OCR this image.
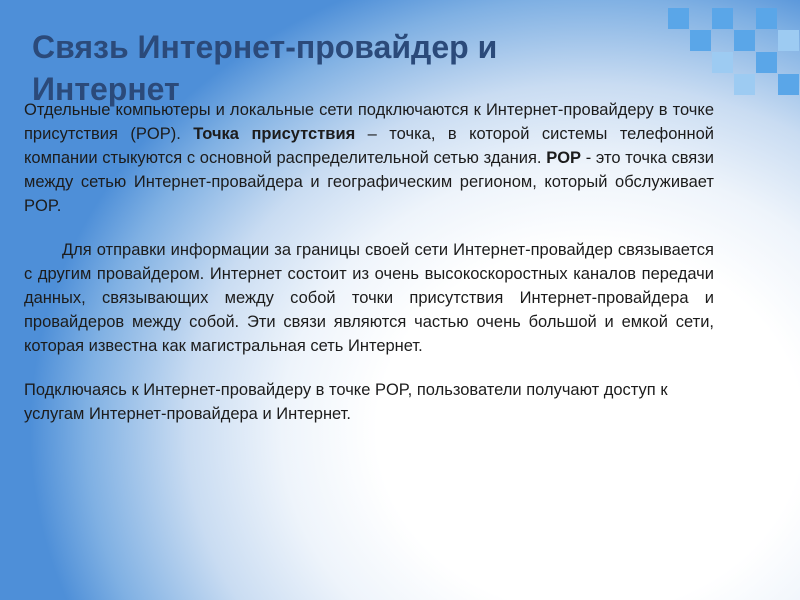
Связь Интернет-провайдер и Интернет

Отдельные компьютеры и локальные сети подключаются к Интернет-провайдеру в точке присутствия (POP). Точка присутствия – точка, в которой системы телефонной компании стыкуются с основной распределительной сетью здания. POP - это точка связи между сетью Интернет-провайдера и географическим регионом, который обслуживает POP.

Для отправки информации за границы своей сети Интернет-провайдер связывается с другим провайдером. Интернет состоит из очень высокоскоростных каналов передачи данных, связывающих между собой точки присутствия Интернет-провайдера и провайдеров между собой. Эти связи являются частью очень большой и емкой сети, которая известна как магистральная сеть Интернет.

Подключаясь к Интернет-провайдеру в точке POP, пользователи получают доступ к услугам Интернет-провайдера и Интернет.
